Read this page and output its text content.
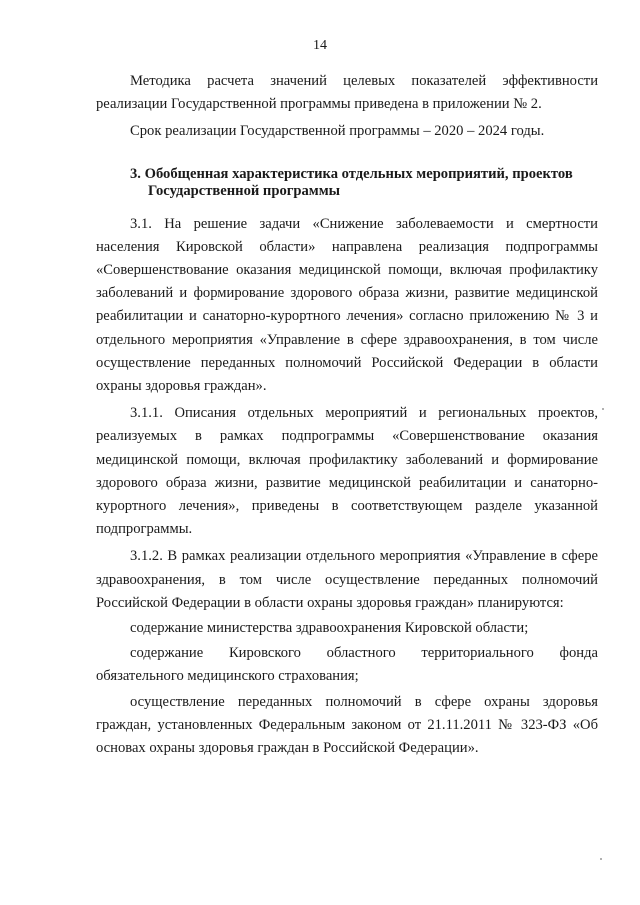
14

Методика расчета значений целевых показателей эффективности реализации Государственной программы приведена в приложении № 2.

Срок реализации Государственной программы – 2020 – 2024 годы.

3. Обобщенная характеристика отдельных мероприятий, проектов
Государственной программы

3.1. На решение задачи «Снижение заболеваемости и смертности населения Кировской области» направлена реализация подпрограммы «Совершенствование оказания медицинской помощи, включая профилактику заболеваний и формирование здорового образа жизни, развитие медицинской реабилитации и санаторно-курортного лечения» согласно приложению № 3 и отдельного мероприятия «Управление в сфере здравоохранения, в том числе осуществление переданных полномочий Российской Федерации в области охраны здоровья граждан».

3.1.1. Описания отдельных мероприятий и региональных проектов, реализуемых в рамках подпрограммы «Совершенствование оказания медицинской помощи, включая профилактику заболеваний и формирование здорового образа жизни, развитие медицинской реабилитации и санаторно-курортного лечения», приведены в соответствующем разделе указанной подпрограммы.

3.1.2. В рамках реализации отдельного мероприятия «Управление в сфере здравоохранения, в том числе осуществление переданных полномочий Российской Федерации в области охраны здоровья граждан» планируются:

содержание министерства здравоохранения Кировской области;

содержание Кировского областного территориального фонда обязательного медицинского страхования;

осуществление переданных полномочий в сфере охраны здоровья граждан, установленных Федеральным законом от 21.11.2011 № 323-ФЗ «Об основах охраны здоровья граждан в Российской Федерации».
